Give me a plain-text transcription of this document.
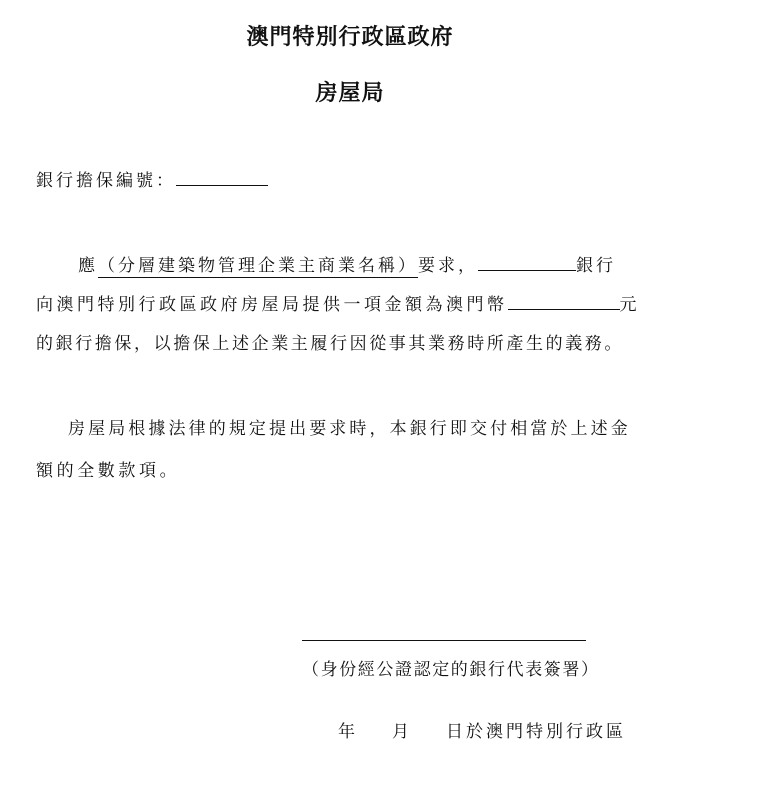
澳門特別行政區政府
房屋局
銀行擔保編號：
應（分層建築物管理企業主商業名稱）要求，	銀行
向澳門特別行政區政府房屋局提供一項金額為澳門幣	元
的銀行擔保，以擔保上述企業主履行因從事其業務時所產生的義務。
房屋局根據法律的規定提出要求時，本銀行即交付相當於上述金
額的全數款項。
（身份經公證認定的銀行代表簽署）
年 月 日於澳門特別行政區
